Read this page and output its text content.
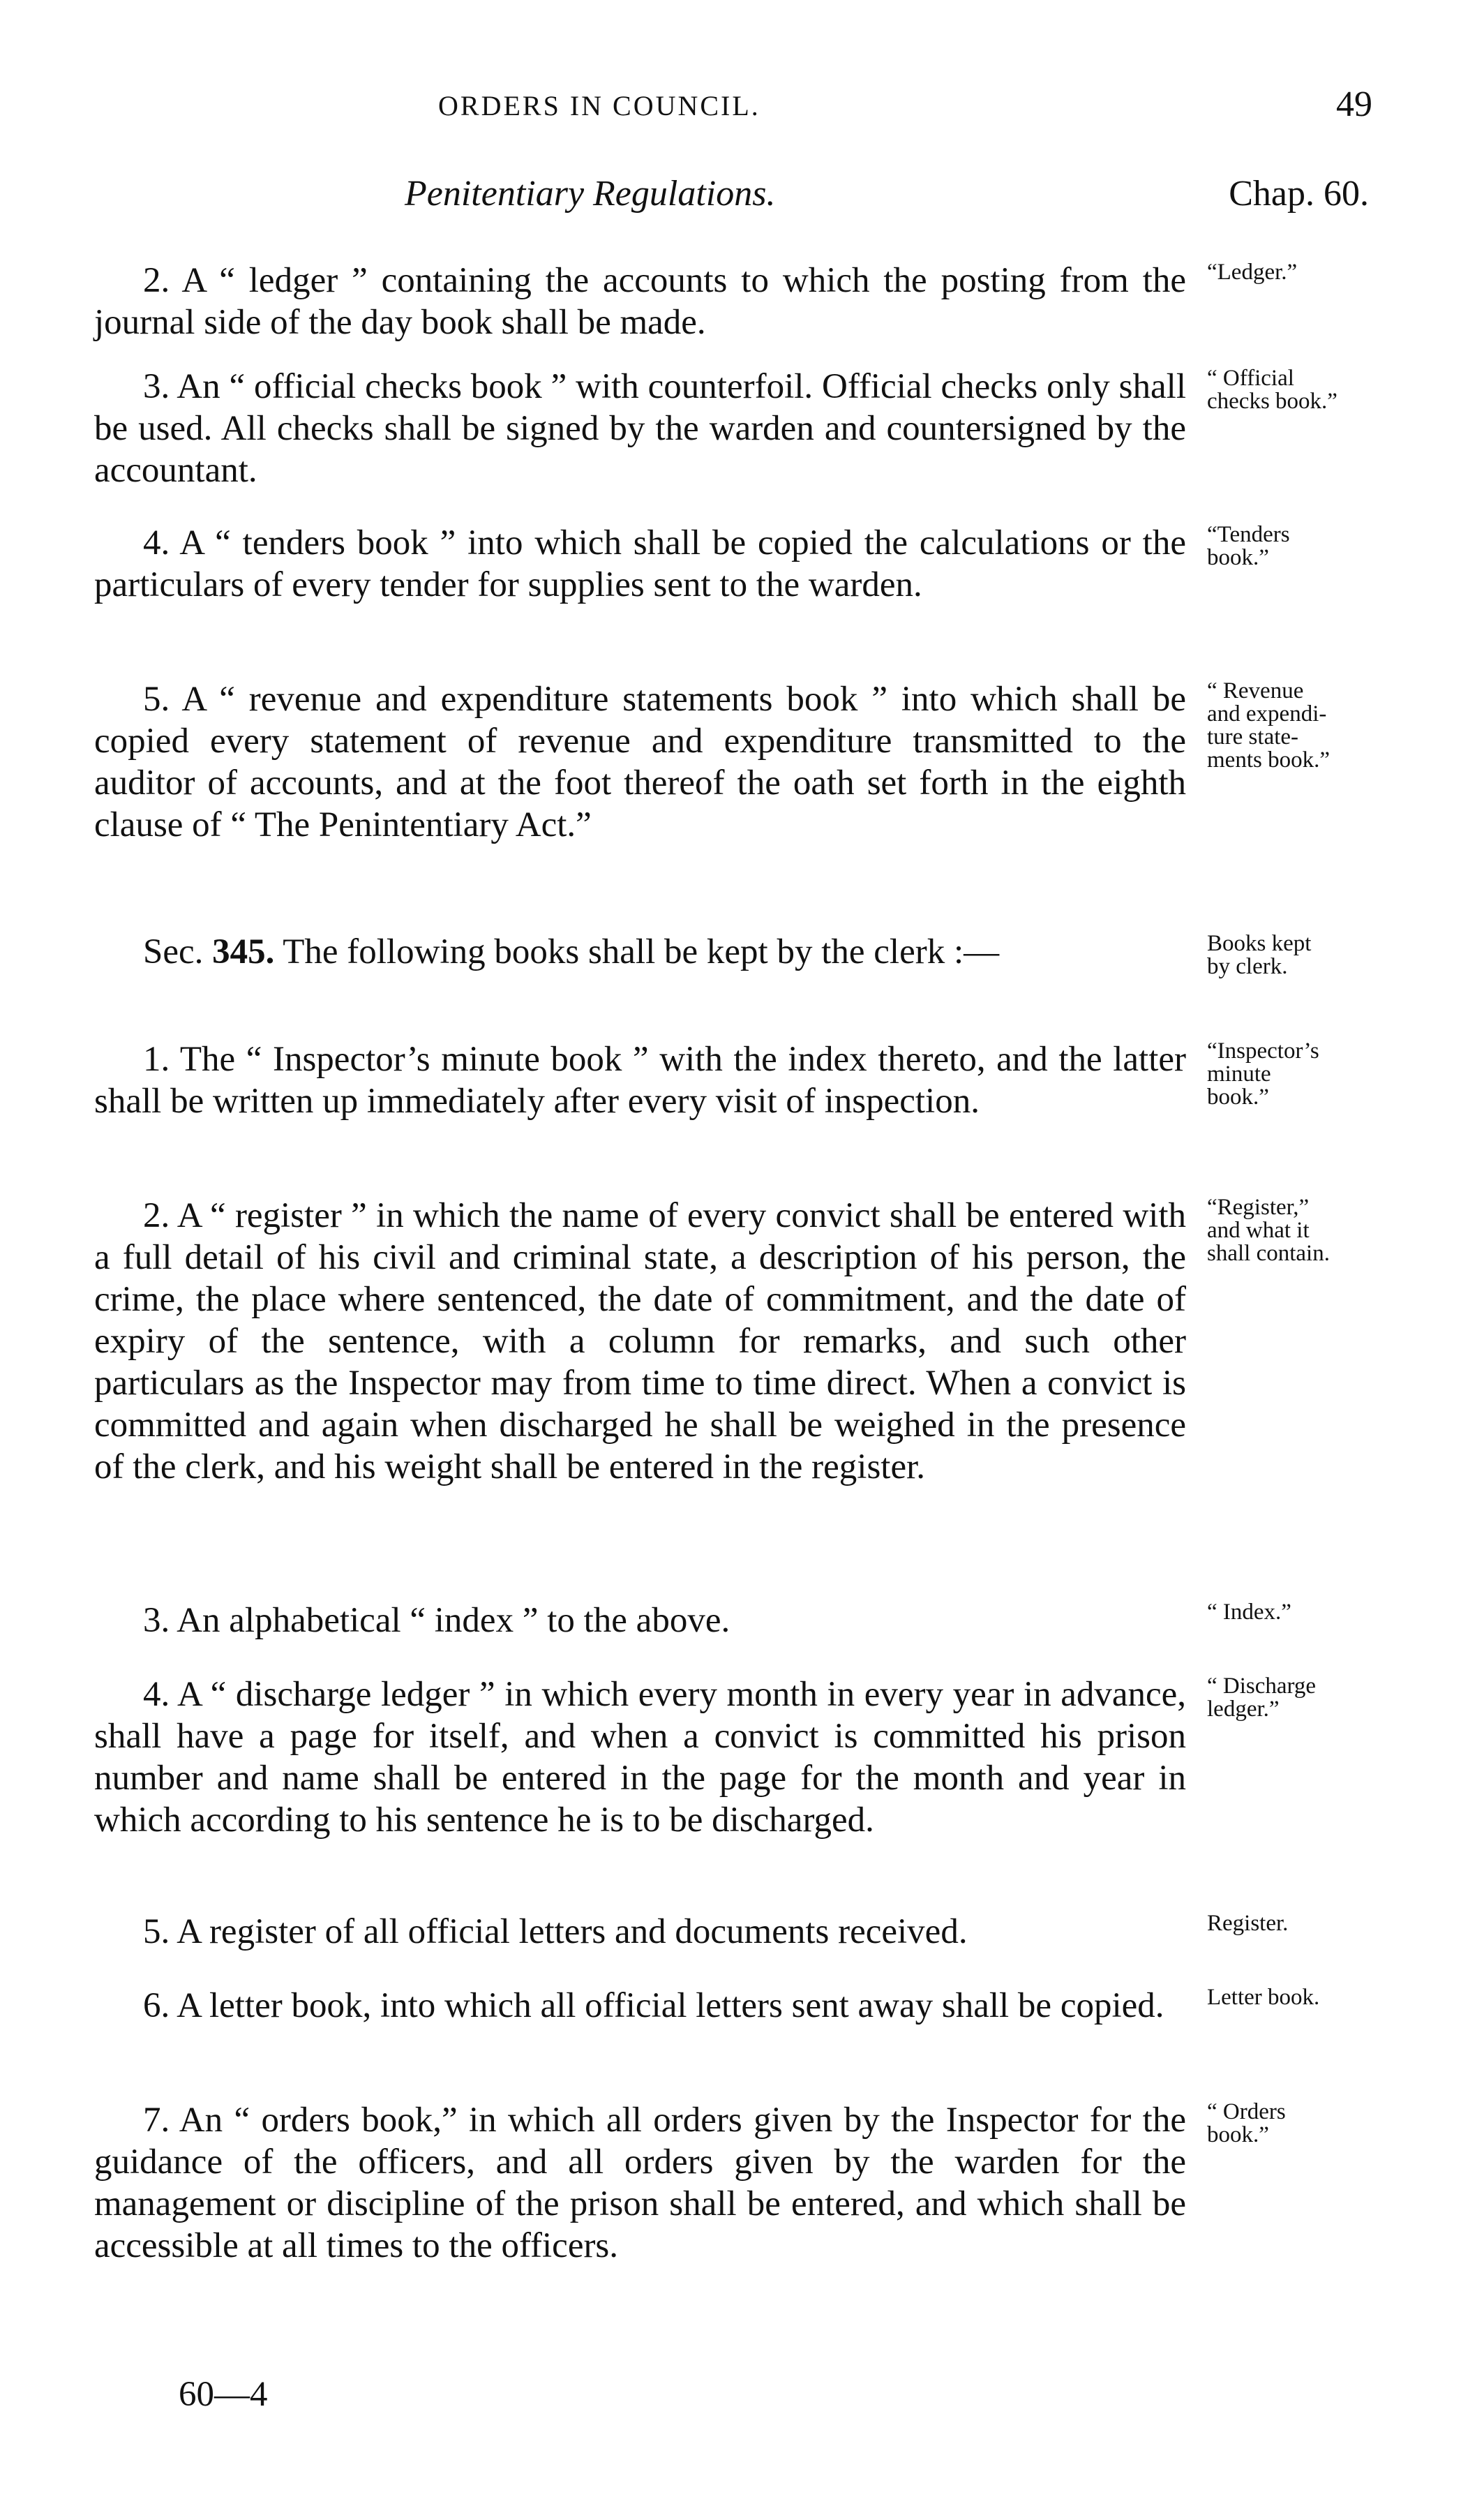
ORDERS IN COUNCIL.	49
Penitentiary Regulations.	Chap. 60.
2. A “ ledger ” containing the accounts to which the posting from the journal side of the day book shall be made.
“Ledger.”
3. An “ official checks book ” with counterfoil. Official checks only shall be used. All checks shall be signed by the warden and countersigned by the accountant.
“ Official
checks book.”
4. A “ tenders book ” into which shall be copied the calculations or the particulars of every tender for supplies sent to the warden.
“Tenders
book.”
5. A “ revenue and expenditure statements book ” into which shall be copied every statement of revenue and expenditure transmitted to the auditor of accounts, and at the foot thereof the oath set forth in the eighth clause of “ The Penintentiary Act.”
“ Revenue
and expendi-
ture state-
ments book.”
Sec. 345. The following books shall be kept by the clerk :—	Books kept
by clerk.
1. The “ Inspector’s minute book ” with the index thereto, and the latter shall be written up immediately after every visit of inspection.
“Inspector’s
minute
book.”
2. A “ register ” in which the name of every convict shall be entered with a full detail of his civil and criminal state, a description of his person, the crime, the place where sentenced, the date of commitment, and the date of expiry of the sentence, with a column for remarks, and such other particulars as the Inspector may from time to time direct. When a convict is committed and again when discharged he shall be weighed in the presence of the clerk, and his weight shall be entered in the register.
“Register,”
and what it
shall contain.
3. An alphabetical “ index ” to the above.	“ Index.”
4. A “ discharge ledger ” in which every month in every year in advance, shall have a page for itself, and when a convict is committed his prison number and name shall be entered in the page for the month and year in which according to his sentence he is to be discharged.
“ Discharge
ledger.”
5. A register of all official letters and documents received.	Register.
6. A letter book, into which all official letters sent away shall be copied.	Letter book.
7. An “ orders book,” in which all orders given by the Inspector for the guidance of the officers, and all orders given by the warden for the management or discipline of the prison shall be entered, and which shall be accessible at all times to the officers.
“ Orders
book.”
60—4
